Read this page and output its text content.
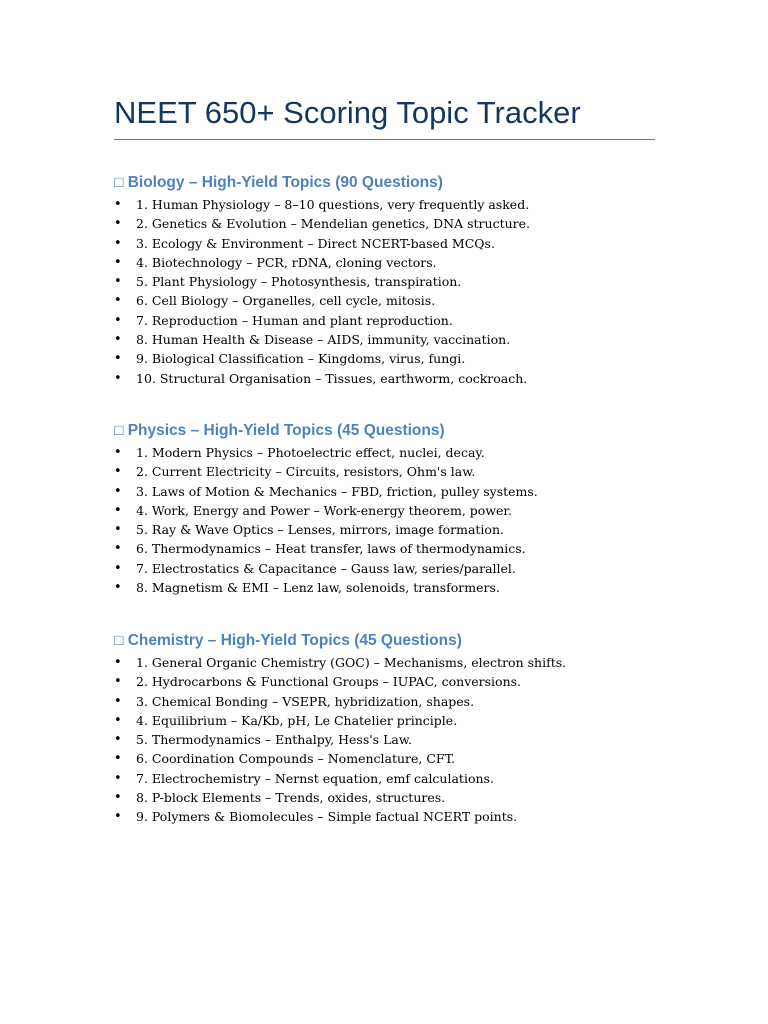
NEET 650+ Scoring Topic Tracker
□ Biology – High-Yield Topics (90 Questions)
• 1. Human Physiology – 8–10 questions, very frequently asked.
• 2. Genetics & Evolution – Mendelian genetics, DNA structure.
• 3. Ecology & Environment – Direct NCERT-based MCQs.
• 4. Biotechnology – PCR, rDNA, cloning vectors.
• 5. Plant Physiology – Photosynthesis, transpiration.
• 6. Cell Biology – Organelles, cell cycle, mitosis.
• 7. Reproduction – Human and plant reproduction.
• 8. Human Health & Disease – AIDS, immunity, vaccination.
• 9. Biological Classification – Kingdoms, virus, fungi.
• 10. Structural Organisation – Tissues, earthworm, cockroach.
□ Physics – High-Yield Topics (45 Questions)
• 1. Modern Physics – Photoelectric effect, nuclei, decay.
• 2. Current Electricity – Circuits, resistors, Ohm's law.
• 3. Laws of Motion & Mechanics – FBD, friction, pulley systems.
• 4. Work, Energy and Power – Work-energy theorem, power.
• 5. Ray & Wave Optics – Lenses, mirrors, image formation.
• 6. Thermodynamics – Heat transfer, laws of thermodynamics.
• 7. Electrostatics & Capacitance – Gauss law, series/parallel.
• 8. Magnetism & EMI – Lenz law, solenoids, transformers.
□ Chemistry – High-Yield Topics (45 Questions)
• 1. General Organic Chemistry (GOC) – Mechanisms, electron shifts.
• 2. Hydrocarbons & Functional Groups – IUPAC, conversions.
• 3. Chemical Bonding – VSEPR, hybridization, shapes.
• 4. Equilibrium – Ka/Kb, pH, Le Chatelier principle.
• 5. Thermodynamics – Enthalpy, Hess's Law.
• 6. Coordination Compounds – Nomenclature, CFT.
• 7. Electrochemistry – Nernst equation, emf calculations.
• 8. P-block Elements – Trends, oxides, structures.
• 9. Polymers & Biomolecules – Simple factual NCERT points.
